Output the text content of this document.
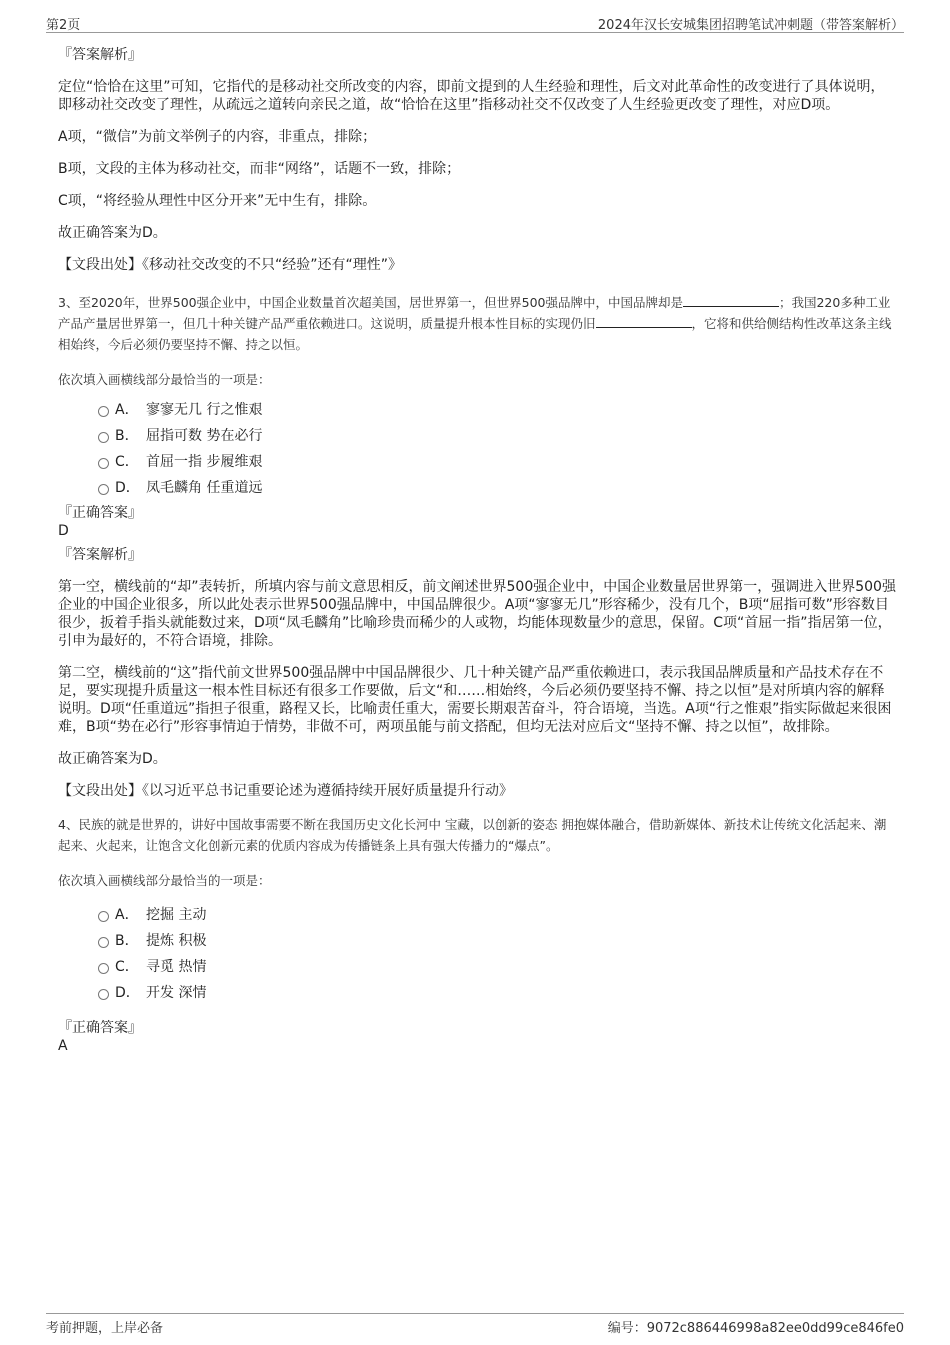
第2页	2024年汉长安城集团招聘笔试冲刺题（带答案解析）

『答案解析』

定位“恰恰在这里”可知，它指代的是移动社交所改变的内容，即前文提到的人生经验和理性，后文对此革命性的改变进行了具体说明，即移动社交改变了理性，从疏远之道转向亲民之道，故“恰恰在这里”指移动社交不仅改变了人生经验更改变了理性，对应D项。

A项，“微信”为前文举例子的内容，非重点，排除；

B项，文段的主体为移动社交，而非“网络”，话题不一致，排除；

C项，“将经验从理性中区分开来”无中生有，排除。

故正确答案为D。

【文段出处】《移动社交改变的不只“经验”还有“理性”》

3、至2020年，世界500强企业中，中国企业数量首次超美国，居世界第一，但世界500强品牌中，中国品牌却是	；我国220多种工业产品产量居世界第一，但几十种关键产品严重依赖进口。这说明，质量提升根本性目标的实现仍旧	，它将和供给侧结构性改革这条主线相始终，今后必须仍要坚持不懈、持之以恒。

依次填入画横线部分最恰当的一项是：

A． 寥寥无几 行之惟艰
B． 屈指可数 势在必行
C． 首屈一指 步履维艰
D． 凤毛麟角 任重道远

『正确答案』

D

『答案解析』

第一空，横线前的“却”表转折，所填内容与前文意思相反，前文阐述世界500强企业中，中国企业数量居世界第一，强调进入世界500强企业的中国企业很多，所以此处表示世界500强品牌中，中国品牌很少。A项“寥寥无几”形容稀少，没有几个，B项“屈指可数”形容数目很少，扳着手指头就能数过来，D项“凤毛麟角”比喻珍贵而稀少的人或物，均能体现数量少的意思，保留。C项“首屈一指”指居第一位，引申为最好的，不符合语境，排除。

第二空，横线前的“这”指代前文世界500强品牌中中国品牌很少、几十种关键产品严重依赖进口，表示我国品牌质量和产品技术存在不足，要实现提升质量这一根本性目标还有很多工作要做，后文“和……相始终，今后必须仍要坚持不懈、持之以恒”是对所填内容的解释说明。D项“任重道远”指担子很重，路程又长，比喻责任重大，需要长期艰苦奋斗，符合语境，当选。A项“行之惟艰”指实际做起来很困难，B项“势在必行”形容事情迫于情势，非做不可，两项虽能与前文搭配，但均无法对应后文“坚持不懈、持之以恒”，故排除。

故正确答案为D。

【文段出处】《以习近平总书记重要论述为遵循持续开展好质量提升行动》

4、民族的就是世界的，讲好中国故事需要不断在我国历史文化长河中 宝藏，以创新的姿态 拥抱媒体融合，借助新媒体、新技术让传统文化活起来、潮起来、火起来，让饱含文化创新元素的优质内容成为传播链条上具有强大传播力的“爆点”。

依次填入画横线部分最恰当的一项是：

A． 挖掘 主动
B． 提炼 积极
C． 寻觅 热情
D． 开发 深情

『正确答案』

A

考前押题，上岸必备	编号：9072c886446998a82ee0dd99ce846fe0
